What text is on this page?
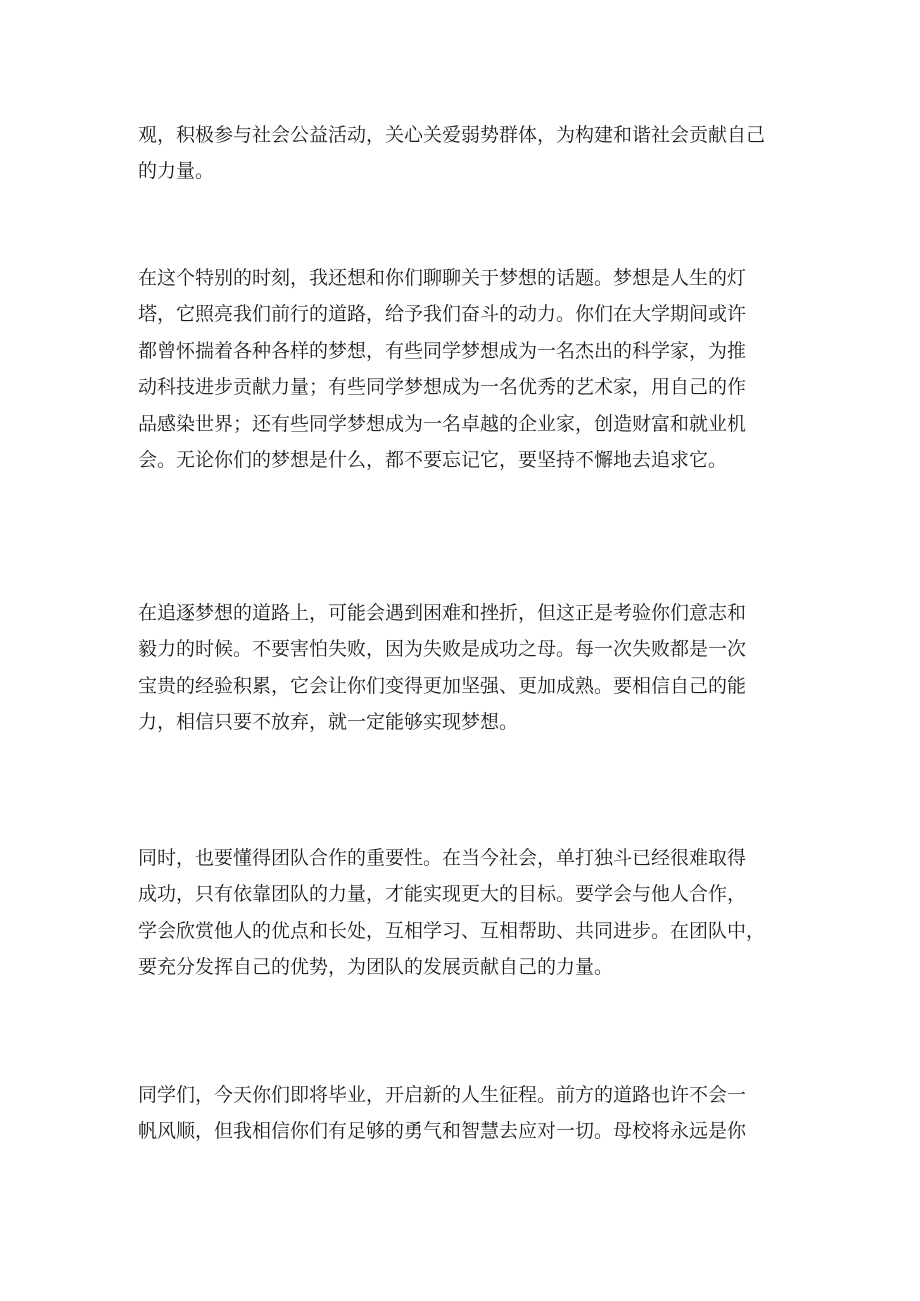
观，积极参与社会公益活动，关心关爱弱势群体，为构建和谐社会贡献自己
的力量。

在这个特别的时刻，我还想和你们聊聊关于梦想的话题。梦想是人生的灯
塔，它照亮我们前行的道路，给予我们奋斗的动力。你们在大学期间或许
都曾怀揣着各种各样的梦想，有些同学梦想成为一名杰出的科学家，为推
动科技进步贡献力量；有些同学梦想成为一名优秀的艺术家，用自己的作
品感染世界；还有些同学梦想成为一名卓越的企业家，创造财富和就业机
会。无论你们的梦想是什么，都不要忘记它，要坚持不懈地去追求它。

在追逐梦想的道路上，可能会遇到困难和挫折，但这正是考验你们意志和
毅力的时候。不要害怕失败，因为失败是成功之母。每一次失败都是一次
宝贵的经验积累，它会让你们变得更加坚强、更加成熟。要相信自己的能
力，相信只要不放弃，就一定能够实现梦想。

同时，也要懂得团队合作的重要性。在当今社会，单打独斗已经很难取得
成功，只有依靠团队的力量，才能实现更大的目标。要学会与他人合作，
学会欣赏他人的优点和长处，互相学习、互相帮助、共同进步。在团队中，
要充分发挥自己的优势，为团队的发展贡献自己的力量。

同学们，今天你们即将毕业，开启新的人生征程。前方的道路也许不会一
帆风顺，但我相信你们有足够的勇气和智慧去应对一切。母校将永远是你
